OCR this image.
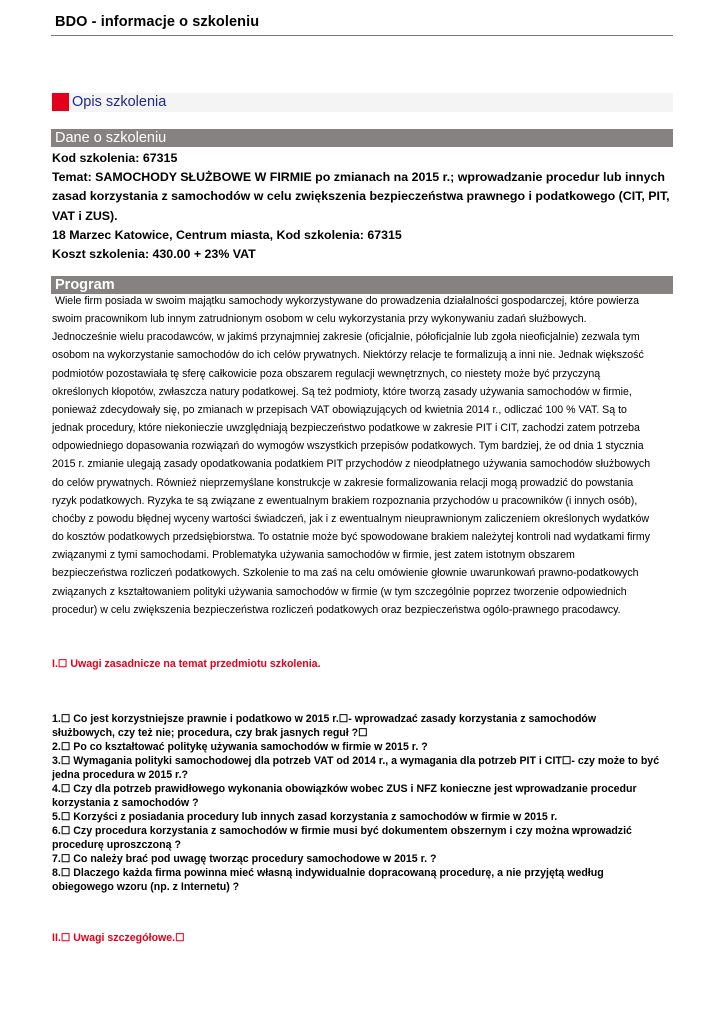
BDO - informacje o szkoleniu
Opis szkolenia
Dane o szkoleniu
Kod szkolenia: 67315
Temat: SAMOCHODY SŁUŻBOWE W FIRMIE po zmianach na 2015 r.; wprowadzanie procedur lub innych
zasad korzystania z samochodów w celu zwiększenia bezpieczeństwa prawnego i podatkowego (CIT, PIT,
VAT i ZUS).
18 Marzec Katowice, Centrum miasta, Kod szkolenia: 67315
Koszt szkolenia: 430.00 + 23% VAT
Program
Wiele firm posiada w swoim majątku samochody wykorzystywane do prowadzenia działalności gospodarczej, które powierza
swoim pracownikom lub innym zatrudnionym osobom w celu wykorzystania przy wykonywaniu zadań służbowych.
Jednocześnie wielu pracodawców, w jakimś przynajmniej zakresie (oficjalnie, półoficjalnie lub zgoła nieoficjalnie) zezwala tym
osobom na wykorzystanie samochodów do ich celów prywatnych. Niektórzy relacje te formalizują a inni nie. Jednak większość
podmiotów pozostawiała tę sferę całkowicie poza obszarem regulacji wewnętrznych, co niestety może być przyczyną
określonych kłopotów, zwłaszcza natury podatkowej. Są też podmioty, które tworzą zasady używania samochodów w firmie,
ponieważ zdecydowały się, po zmianach w przepisach VAT obowiązujących od kwietnia 2014 r., odliczać 100 % VAT. Są to
jednak procedury, które niekonieczie uwzględniają bezpieczeństwo podatkowe w zakresie PIT i CIT, zachodzi zatem potrzeba
odpowiedniego dopasowania rozwiązań do wymogów wszystkich przepisów podatkowych. Tym bardziej, że od dnia 1 stycznia
2015 r. zmianie ulegają zasady opodatkowania podatkiem PIT przychodów z nieodpłatnego używania samochodów służbowych
do celów prywatnych. Również nieprzemyślane konstrukcje w zakresie formalizowania relacji mogą prowadzić do powstania
ryzyk podatkowych. Ryzyka te są związane z ewentualnym brakiem rozpoznania przychodów u pracowników (i innych osób),
choćby z powodu błędnej wyceny wartości świadczeń, jak i z ewentualnym nieuprawnionym zaliczeniem określonych wydatków
do kosztów podatkowych przedsiębiorstwa. To ostatnie może być spowodowane brakiem należytej kontroli nad wydatkami firmy
związanymi z tymi samochodami. Problematyka używania samochodów w firmie, jest zatem istotnym obszarem
bezpieczeństwa rozliczeń podatkowych. Szkolenie to ma zaś na celu omówienie głownie uwarunkowań prawno-podatkowych
związanych z kształtowaniem polityki używania samochodów w firmie (w tym szczególnie poprzez tworzenie odpowiednich
procedur) w celu zwiększenia bezpieczeństwa rozliczeń podatkowych oraz bezpieczeństwa ogólo-prawnego pracodawcy.
I.☐ Uwagi zasadnicze na temat przedmiotu szkolenia.
1.☐ Co jest korzystniejsze prawnie i podatkowo w 2015 r.☐- wprowadzać zasady korzystania z samochodów
służbowych, czy też nie; procedura, czy brak jasnych reguł ?☐
2.☐ Po co kształtować politykę używania samochodów w firmie w 2015 r. ?
3.☐ Wymagania polityki samochodowej dla potrzeb VAT od 2014 r., a wymagania dla potrzeb PIT i CIT☐- czy może to być
jedna procedura w 2015 r.?
4.☐ Czy dla potrzeb prawidłowego wykonania obowiązków wobec ZUS i NFZ konieczne jest wprowadzanie procedur
korzystania z samochodów ?
5.☐ Korzyści z posiadania procedury lub innych zasad korzystania z samochodów w firmie w 2015 r.
6.☐ Czy procedura korzystania z samochodów w firmie musi być dokumentem obszernym i czy można wprowadzić
procedurę uproszczoną ?
7.☐ Co należy brać pod uwagę tworząc procedury samochodowe w 2015 r. ?
8.☐ Dlaczego każda firma powinna mieć własną indywidualnie dopracowaną procedurę, a nie przyjętą według
obiegowego wzoru (np. z Internetu) ?
II.☐ Uwagi szczegółowe.☐
